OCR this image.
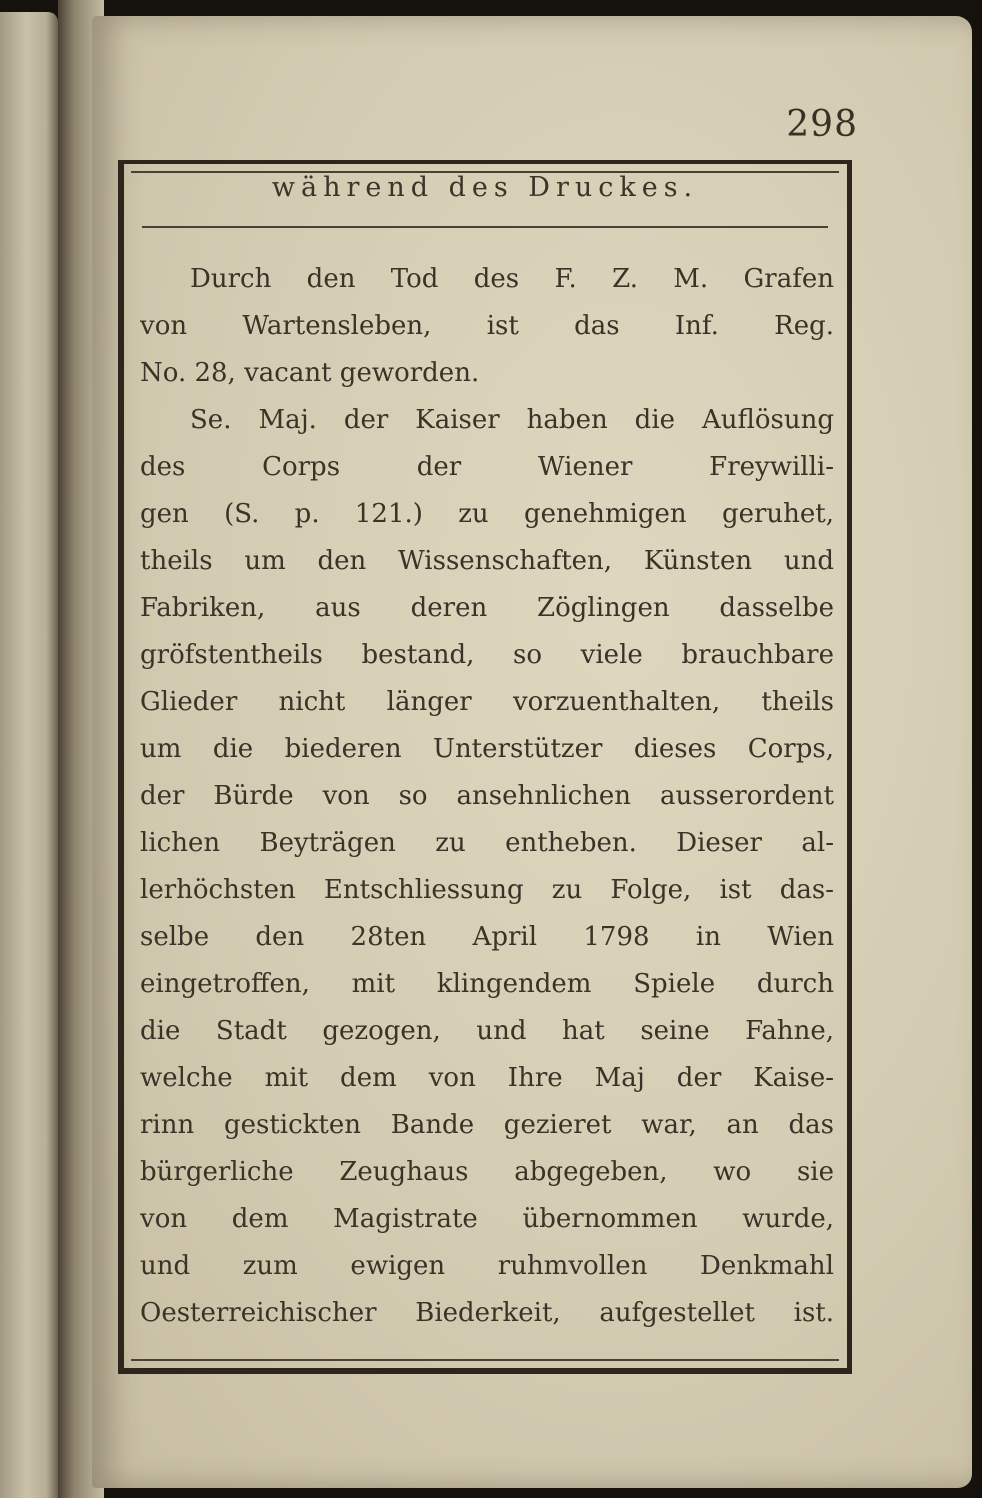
298
während des Druckes.
Durch den Tod des F. Z. M. Grafen
von Wartensleben, ist das Inf. Reg.
No. 28, vacant geworden.
Se. Maj. der Kaiser haben die Auflösung
des Corps der Wiener Freywilli-
gen (S. p. 121.) zu genehmigen geruhet,
theils um den Wissenschaften, Künsten und
Fabriken, aus deren Zöglingen dasselbe
gröfstentheils bestand, so viele brauchbare
Glieder nicht länger vorzuenthalten, theils
um die biederen Unterstützer dieses Corps,
der Bürde von so ansehnlichen ausserordent
lichen Beyträgen zu entheben. Dieser al-
lerhöchsten Entschliessung zu Folge, ist das-
selbe den 28ten April 1798 in Wien
eingetroffen, mit klingendem Spiele durch
die Stadt gezogen, und hat seine Fahne,
welche mit dem von Ihre Maj der Kaise-
rinn gestickten Bande gezieret war, an das
bürgerliche Zeughaus abgegeben, wo sie
von dem Magistrate übernommen wurde,
und zum ewigen ruhmvollen Denkmahl
Oesterreichischer Biederkeit, aufgestellet ist.
